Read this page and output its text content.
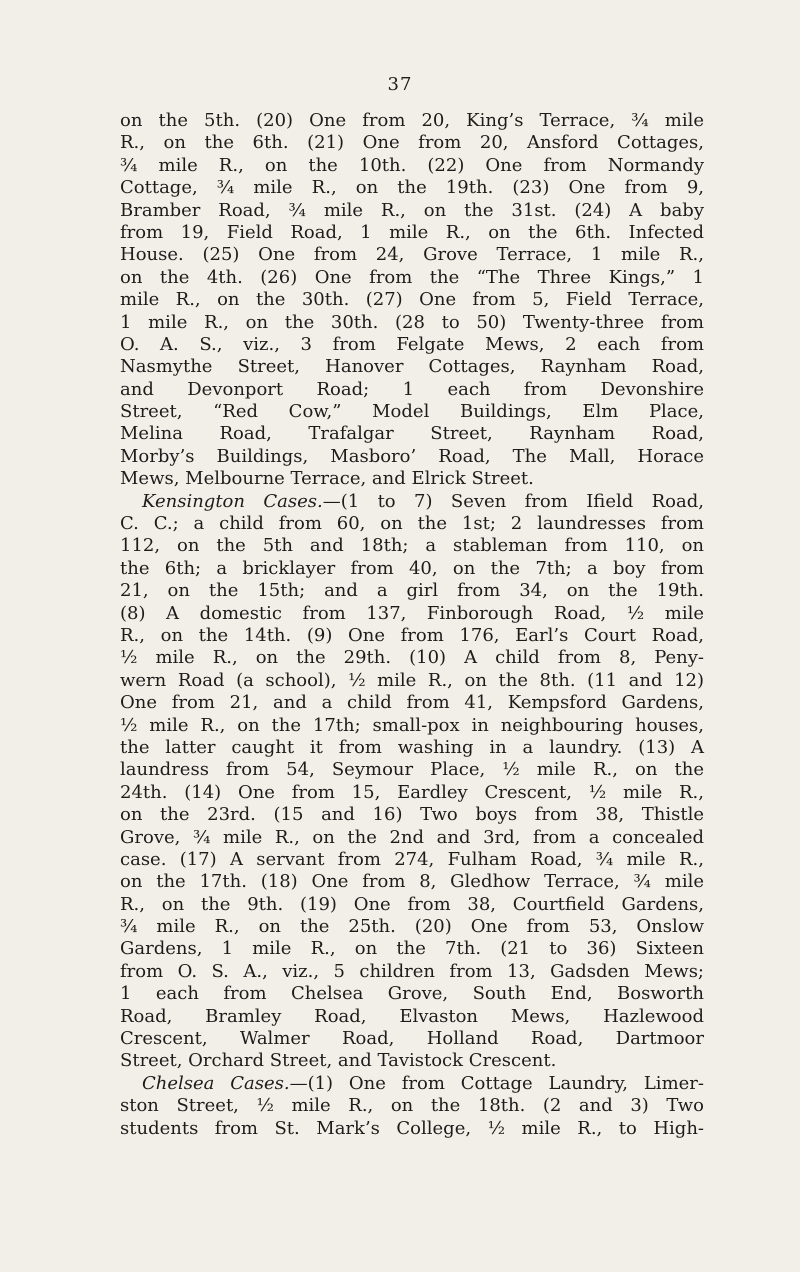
37
on the 5th. (20) One from 20, King’s Terrace, ¾ mile
R., on the 6th. (21) One from 20, Ansford Cottages,
¾ mile R., on the 10th. (22) One from Normandy
Cottage, ¾ mile R., on the 19th. (23) One from 9,
Bramber Road, ¾ mile R., on the 31st. (24) A baby
from 19, Field Road, 1 mile R., on the 6th. Infected
House. (25) One from 24, Grove Terrace, 1 mile R.,
on the 4th. (26) One from the “The Three Kings,” 1
mile R., on the 30th. (27) One from 5, Field Terrace,
1 mile R., on the 30th. (28 to 50) Twenty-three from
O. A. S., viz., 3 from Felgate Mews, 2 each from
Nasmythe Street, Hanover Cottages, Raynham Road,
and Devonport Road; 1 each from Devonshire
Street, “Red Cow,” Model Buildings, Elm Place,
Melina Road, Trafalgar Street, Raynham Road,
Morby’s Buildings, Masboro’ Road, The Mall, Horace
Mews, Melbourne Terrace, and Elrick Street.
Kensington Cases.—(1 to 7) Seven from Ifield Road,
C. C.; a child from 60, on the 1st; 2 laundresses from
112, on the 5th and 18th; a stableman from 110, on
the 6th; a bricklayer from 40, on the 7th; a boy from
21, on the 15th; and a girl from 34, on the 19th.
(8) A domestic from 137, Finborough Road, ½ mile
R., on the 14th. (9) One from 176, Earl’s Court Road,
½ mile R., on the 29th. (10) A child from 8, Peny-
wern Road (a school), ½ mile R., on the 8th. (11 and 12)
One from 21, and a child from 41, Kempsford Gardens,
½ mile R., on the 17th; small-pox in neighbouring houses,
the latter caught it from washing in a laundry. (13) A
laundress from 54, Seymour Place, ½ mile R., on the
24th. (14) One from 15, Eardley Crescent, ½ mile R.,
on the 23rd. (15 and 16) Two boys from 38, Thistle
Grove, ¾ mile R., on the 2nd and 3rd, from a concealed
case. (17) A servant from 274, Fulham Road, ¾ mile R.,
on the 17th. (18) One from 8, Gledhow Terrace, ¾ mile
R., on the 9th. (19) One from 38, Courtfield Gardens,
¾ mile R., on the 25th. (20) One from 53, Onslow
Gardens, 1 mile R., on the 7th. (21 to 36) Sixteen
from O. S. A., viz., 5 children from 13, Gadsden Mews;
1 each from Chelsea Grove, South End, Bosworth
Road, Bramley Road, Elvaston Mews, Hazlewood
Crescent, Walmer Road, Holland Road, Dartmoor
Street, Orchard Street, and Tavistock Crescent.
Chelsea Cases.—(1) One from Cottage Laundry, Limer-
ston Street, ½ mile R., on the 18th. (2 and 3) Two
students from St. Mark’s College, ½ mile R., to High-
